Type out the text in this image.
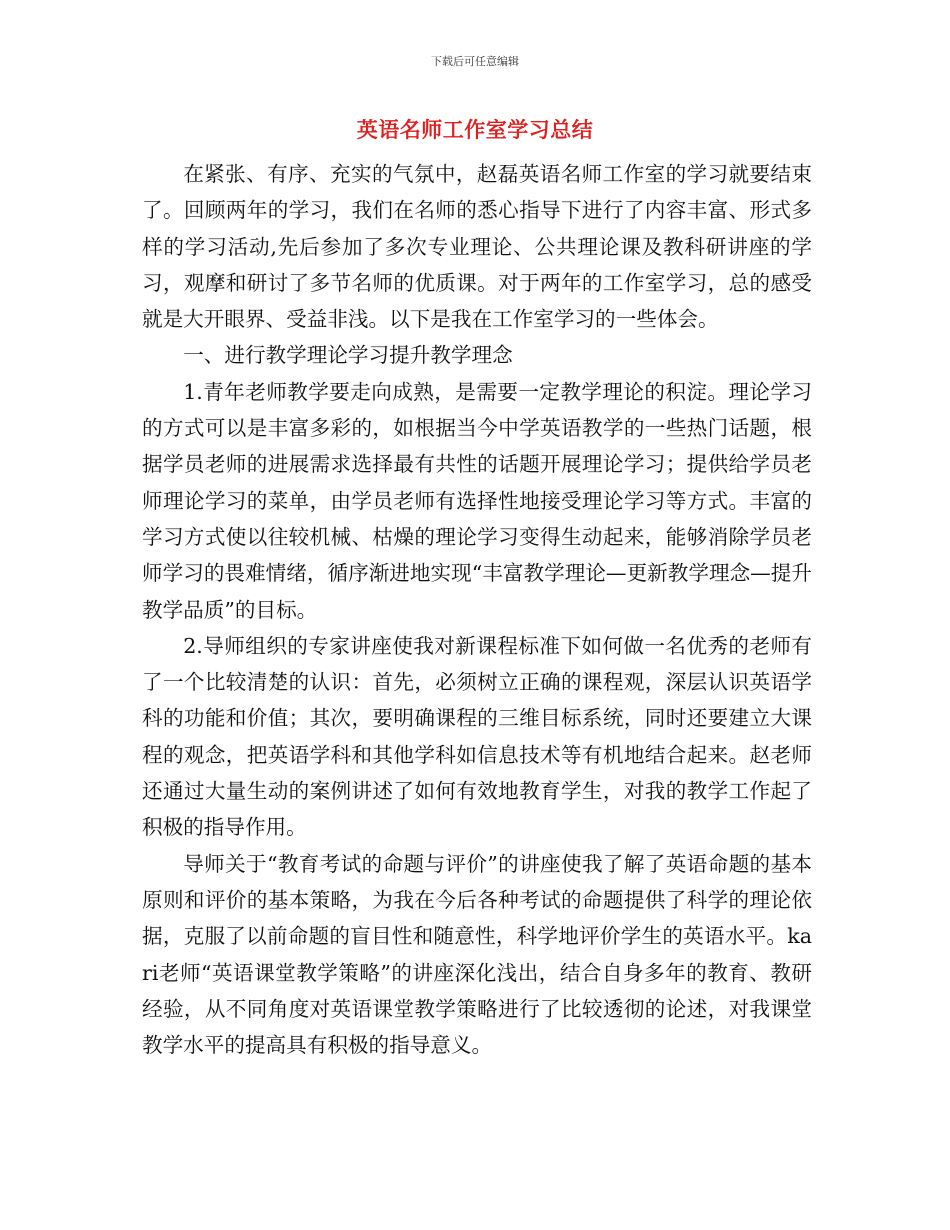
下载后可任意编辑
英语名师工作室学习总结

在紧张、有序、充实的气氛中，赵磊英语名师工作室的学习就要结束了。回顾两年的学习，我们在名师的悉心指导下进行了内容丰富、形式多样的学习活动,先后参加了多次专业理论、公共理论课及教科研讲座的学习，观摩和研讨了多节名师的优质课。对于两年的工作室学习，总的感受就是大开眼界、受益非浅。以下是我在工作室学习的一些体会。

一、进行教学理论学习提升教学理念

1.青年老师教学要走向成熟，是需要一定教学理论的积淀。理论学习的方式可以是丰富多彩的，如根据当今中学英语教学的一些热门话题，根据学员老师的进展需求选择最有共性的话题开展理论学习；提供给学员老师理论学习的菜单，由学员老师有选择性地接受理论学习等方式。丰富的学习方式使以往较机械、枯燥的理论学习变得生动起来，能够消除学员老师学习的畏难情绪，循序渐进地实现“丰富教学理论—更新教学理念—提升教学品质”的目标。

2.导师组织的专家讲座使我对新课程标准下如何做一名优秀的老师有了一个比较清楚的认识：首先，必须树立正确的课程观，深层认识英语学科的功能和价值；其次，要明确课程的三维目标系统，同时还要建立大课程的观念，把英语学科和其他学科如信息技术等有机地结合起来。赵老师还通过大量生动的案例讲述了如何有效地教育学生，对我的教学工作起了积极的指导作用。

导师关于“教育考试的命题与评价”的讲座使我了解了英语命题的基本原则和评价的基本策略，为我在今后各种考试的命题提供了科学的理论依据，克服了以前命题的盲目性和随意性，科学地评价学生的英语水平。kari老师“英语课堂教学策略”的讲座深化浅出，结合自身多年的教育、教研经验，从不同角度对英语课堂教学策略进行了比较透彻的论述，对我课堂教学水平的提高具有积极的指导意义。
